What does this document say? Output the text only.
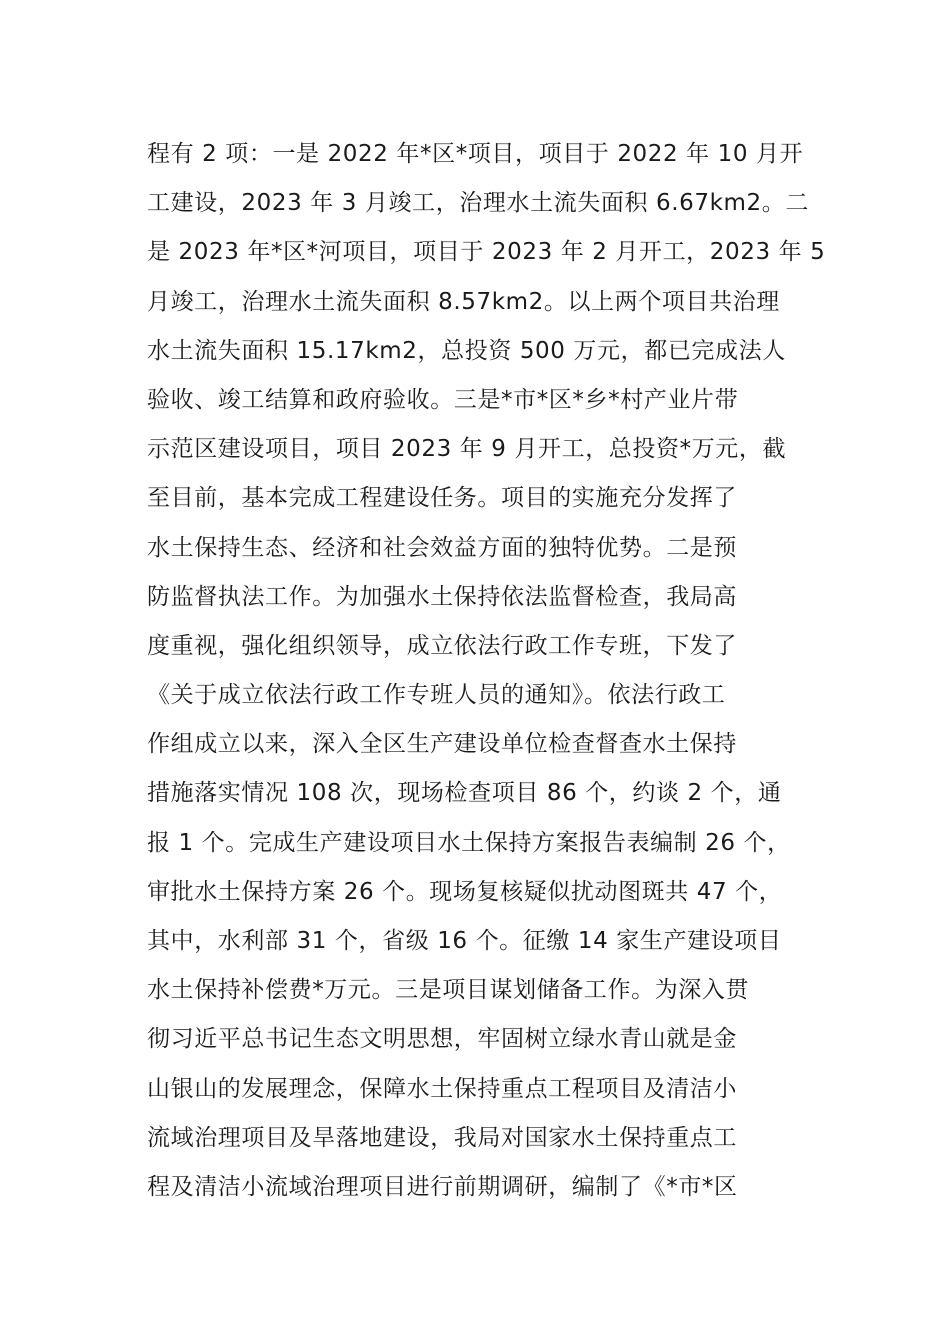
程有 2 项：一是 2022 年*区*项目，项目于 2022 年 10 月开
工建设，2023 年 3 月竣工，治理水土流失面积 6.67km2。二
是 2023 年*区*河项目，项目于 2023 年 2 月开工，2023 年 5
月竣工，治理水土流失面积 8.57km2。以上两个项目共治理
水土流失面积 15.17km2，总投资 500 万元，都已完成法人
验收、竣工结算和政府验收。三是*市*区*乡*村产业片带
示范区建设项目，项目 2023 年 9 月开工，总投资*万元，截
至目前，基本完成工程建设任务。项目的实施充分发挥了
水土保持生态、经济和社会效益方面的独特优势。二是预
防监督执法工作。为加强水土保持依法监督检查，我局高
度重视，强化组织领导，成立依法行政工作专班，下发了
《关于成立依法行政工作专班人员的通知》。依法行政工
作组成立以来，深入全区生产建设单位检查督查水土保持
措施落实情况 108 次，现场检查项目 86 个，约谈 2 个，通
报 1 个。完成生产建设项目水土保持方案报告表编制 26 个，
审批水土保持方案 26 个。现场复核疑似扰动图斑共 47 个，
其中，水利部 31 个，省级 16 个。征缴 14 家生产建设项目
水土保持补偿费*万元。三是项目谋划储备工作。为深入贯
彻习近平总书记生态文明思想，牢固树立绿水青山就是金
山银山的发展理念，保障水土保持重点工程项目及清洁小
流域治理项目及旱落地建设，我局对国家水土保持重点工
程及清洁小流域治理项目进行前期调研，编制了《*市*区
